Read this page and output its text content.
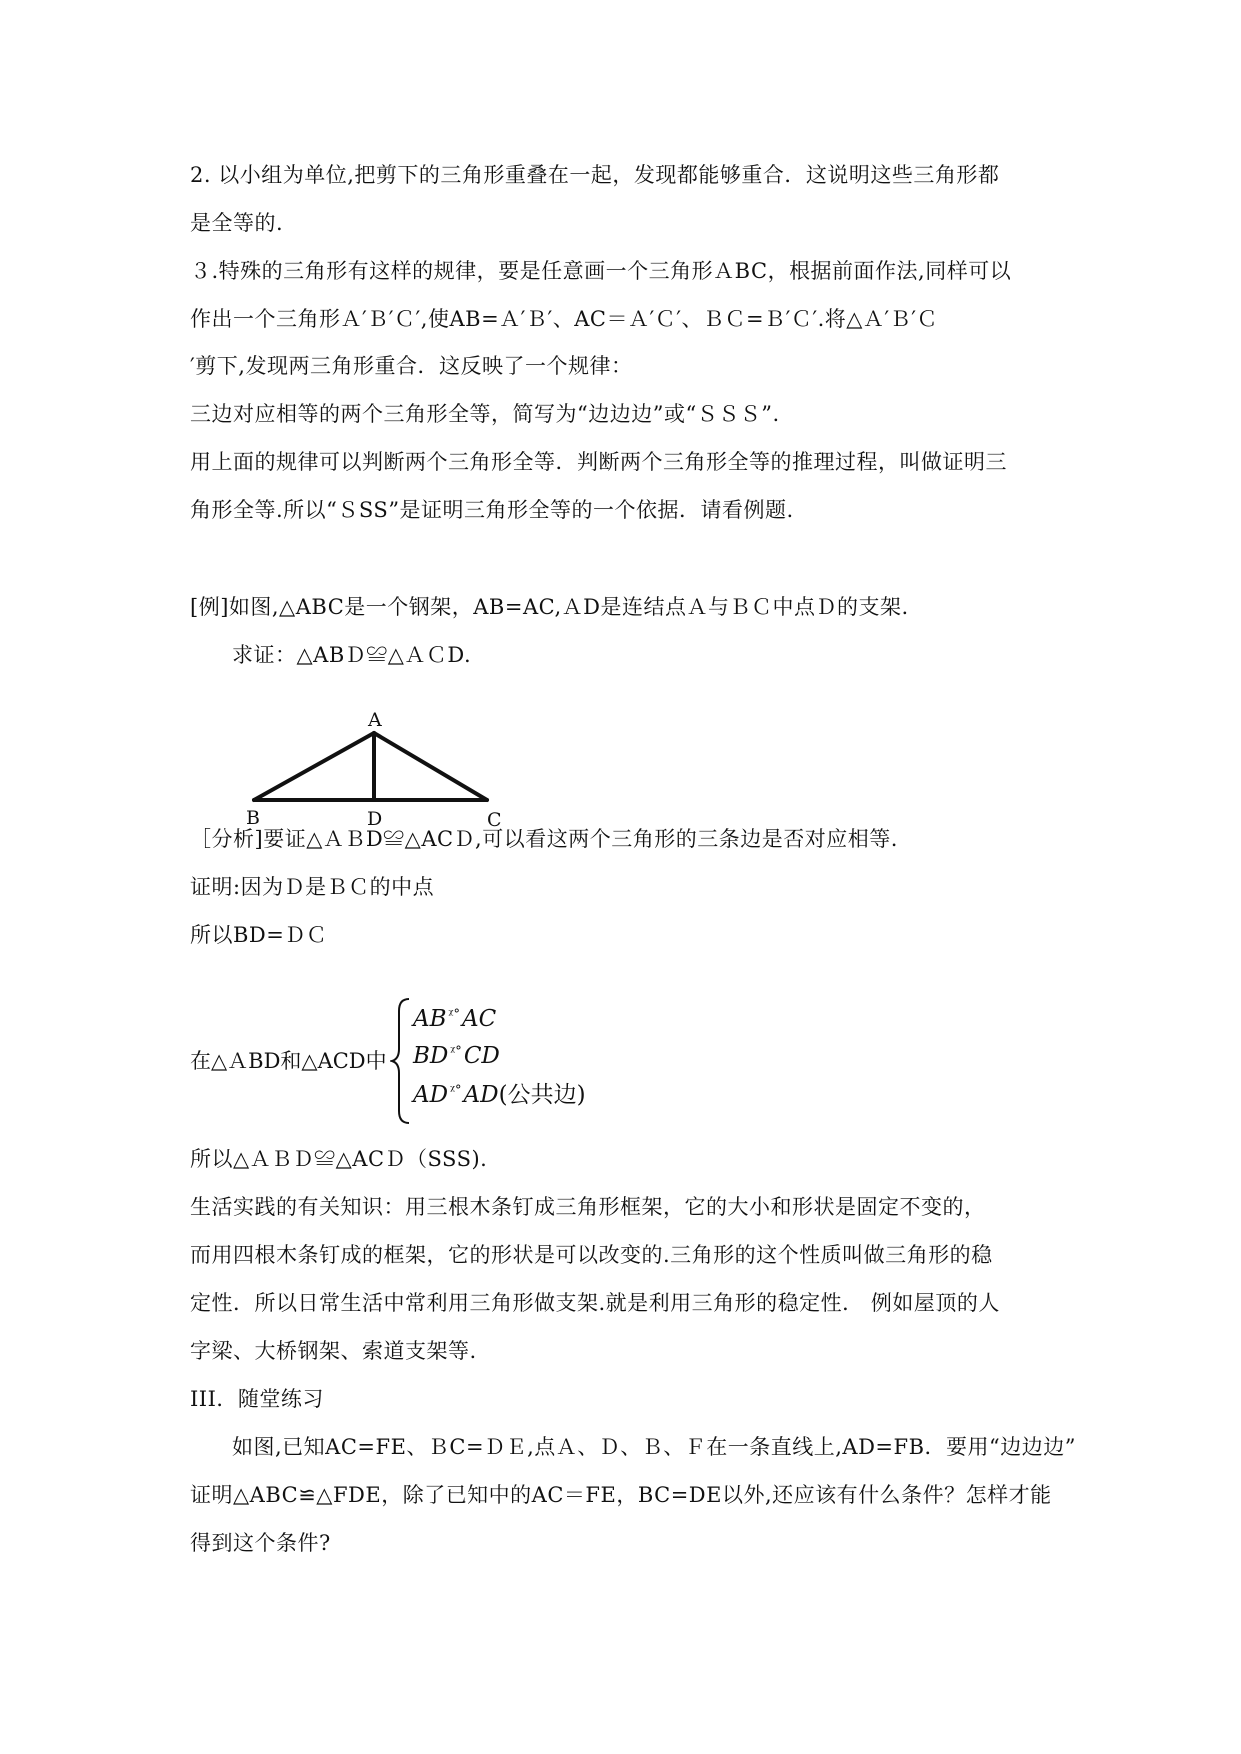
2. 以小组为单位,把剪下的三角形重叠在一起，发现都能够重合．这说明这些三角形都
是全等的.
３.特殊的三角形有这样的规律，要是任意画一个三角形ＡBC，根据前面作法,同样可以
作出一个三角形Ａ′Ｂ′Ｃ′,使AB=Ａ′Ｂ′、AC＝Ａ′Ｃ′、ＢＣ=Ｂ′Ｃ′.将△Ａ′Ｂ′Ｃ
′剪下,发现两三角形重合．这反映了一个规律：
三边对应相等的两个三角形全等，简写为“边边边”或“ＳＳＳ”.
用上面的规律可以判断两个三角形全等．判断两个三角形全等的推理过程，叫做证明三
角形全等.所以“ＳSS”是证明三角形全等的一个依据．请看例题.
[例]如图,△ABC是一个钢架，AB=AC,ＡD是连结点Ａ与ＢＣ中点Ｄ的支架.
求证：△ABＤ≌△ＡＣD.
A
B	D	C
［分析]要证△ＡＢD≌△ACＤ,可以看这两个三角形的三条边是否对应相等.
证明:因为Ｄ是ＢＣ的中点
所以BD=ＤＣ
在△ＡBD和△ACD中
AB $^{ᵡ^\circ}$AC
BD $^{ᵡ^\circ}$CD
AD $^{ᵡ^\circ}$AD(公共边)
所以△ＡＢＤ≌△ACＤ（SSS).
生活实践的有关知识：用三根木条钉成三角形框架，它的大小和形状是固定不变的，
而用四根木条钉成的框架，它的形状是可以改变的.三角形的这个性质叫做三角形的稳
定性．所以日常生活中常利用三角形做支架.就是利用三角形的稳定性． 例如屋顶的人
字梁、大桥钢架、索道支架等.
III．随堂练习
如图,已知AC=FE、ＢC=ＤＥ,点Ａ、Ｄ、Ｂ、Ｆ在一条直线上,AD=FB．要用“边边边”
证明△ABC≌△FDE，除了已知中的AC＝FE，BC=DE以外,还应该有什么条件？怎样才能
得到这个条件?
